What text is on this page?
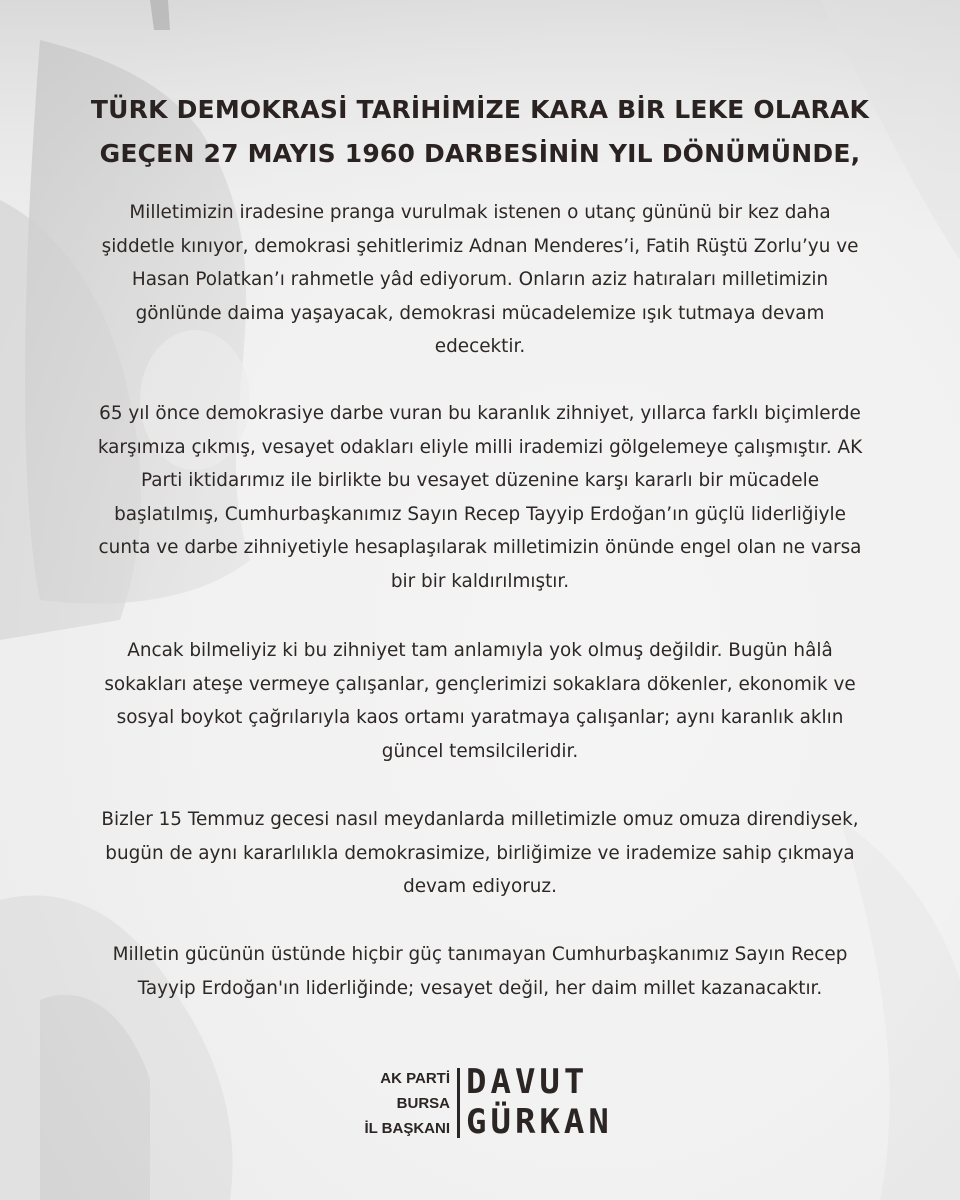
TÜRK DEMOKRASİ TARİHİMİZE KARA BİR LEKE OLARAK
GEÇEN 27 MAYIS 1960 DARBESİNİN YIL DÖNÜMÜNDE,
Milletimizin iradesine pranga vurulmak istenen o utanç gününü bir kez daha
şiddetle kınıyor, demokrasi şehitlerimiz Adnan Menderes’i, Fatih Rüştü Zorlu’yu ve
Hasan Polatkan’ı rahmetle yâd ediyorum. Onların aziz hatıraları milletimizin
gönlünde daima yaşayacak, demokrasi mücadelemize ışık tutmaya devam
edecektir.
65 yıl önce demokrasiye darbe vuran bu karanlık zihniyet, yıllarca farklı biçimlerde
karşımıza çıkmış, vesayet odakları eliyle milli irademizi gölgelemeye çalışmıştır. AK
Parti iktidarımız ile birlikte bu vesayet düzenine karşı kararlı bir mücadele
başlatılmış, Cumhurbaşkanımız Sayın Recep Tayyip Erdoğan’ın güçlü liderliğiyle
cunta ve darbe zihniyetiyle hesaplaşılarak milletimizin önünde engel olan ne varsa
bir bir kaldırılmıştır.
Ancak bilmeliyiz ki bu zihniyet tam anlamıyla yok olmuş değildir. Bugün hâlâ
sokakları ateşe vermeye çalışanlar, gençlerimizi sokaklara dökenler, ekonomik ve
sosyal boykot çağrılarıyla kaos ortamı yaratmaya çalışanlar; aynı karanlık aklın
güncel temsilcileridir.
Bizler 15 Temmuz gecesi nasıl meydanlarda milletimizle omuz omuza direndiysek,
bugün de aynı kararlılıkla demokrasimize, birliğimize ve irademize sahip çıkmaya
devam ediyoruz.
Milletin gücünün üstünde hiçbir güç tanımayan Cumhurbaşkanımız Sayın Recep
Tayyip Erdoğan'ın liderliğinde; vesayet değil, her daim millet kazanacaktır.
AK PARTİ
BURSA
İL BAŞKANI
DAVUT
GÜRKAN
